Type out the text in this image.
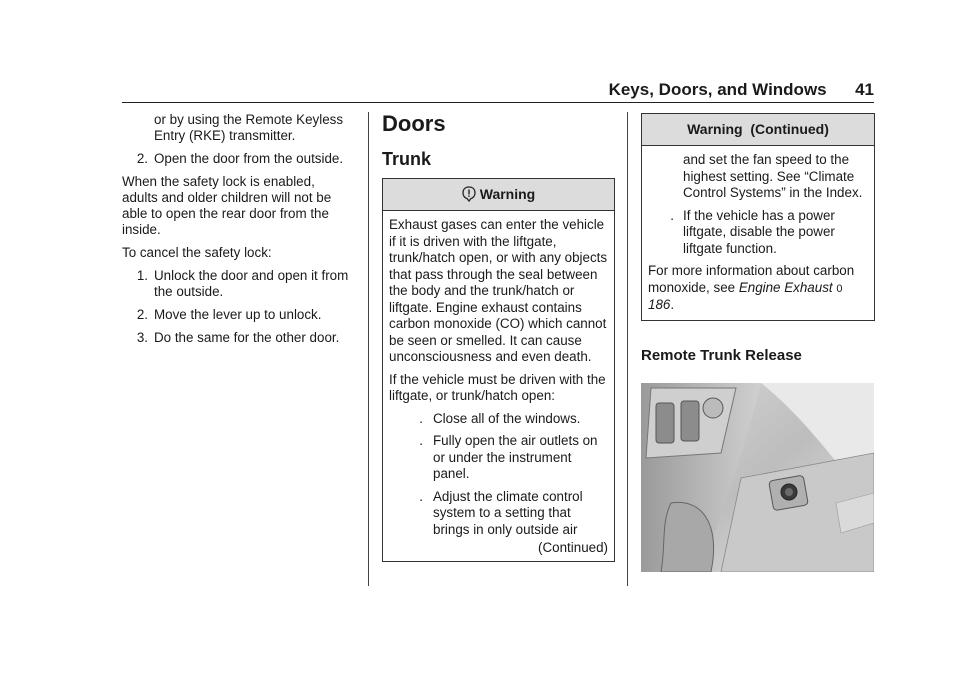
Keys, Doors, and Windows 41
or by using the Remote Keyless Entry (RKE) transmitter.
2. Open the door from the outside.

When the safety lock is enabled, adults and older children will not be able to open the rear door from the inside.

To cancel the safety lock:

1. Unlock the door and open it from the outside.
2. Move the lever up to unlock.
3. Do the same for the other door.
Doors
Trunk
Warning

Exhaust gases can enter the vehicle if it is driven with the liftgate, trunk/hatch open, or with any objects that pass through the seal between the body and the trunk/hatch or liftgate. Engine exhaust contains carbon monoxide (CO) which cannot be seen or smelled. It can cause unconsciousness and even death.

If the vehicle must be driven with the liftgate, or trunk/hatch open:

. Close all of the windows.
. Fully open the air outlets on or under the instrument panel.
. Adjust the climate control system to a setting that brings in only outside air
(Continued)
Warning  (Continued)
and set the fan speed to the highest setting. See “Climate Control Systems” in the Index.
. If the vehicle has a power liftgate, disable the power liftgate function.

For more information about carbon monoxide, see Engine Exhaust 0 186.

Remote Trunk Release
